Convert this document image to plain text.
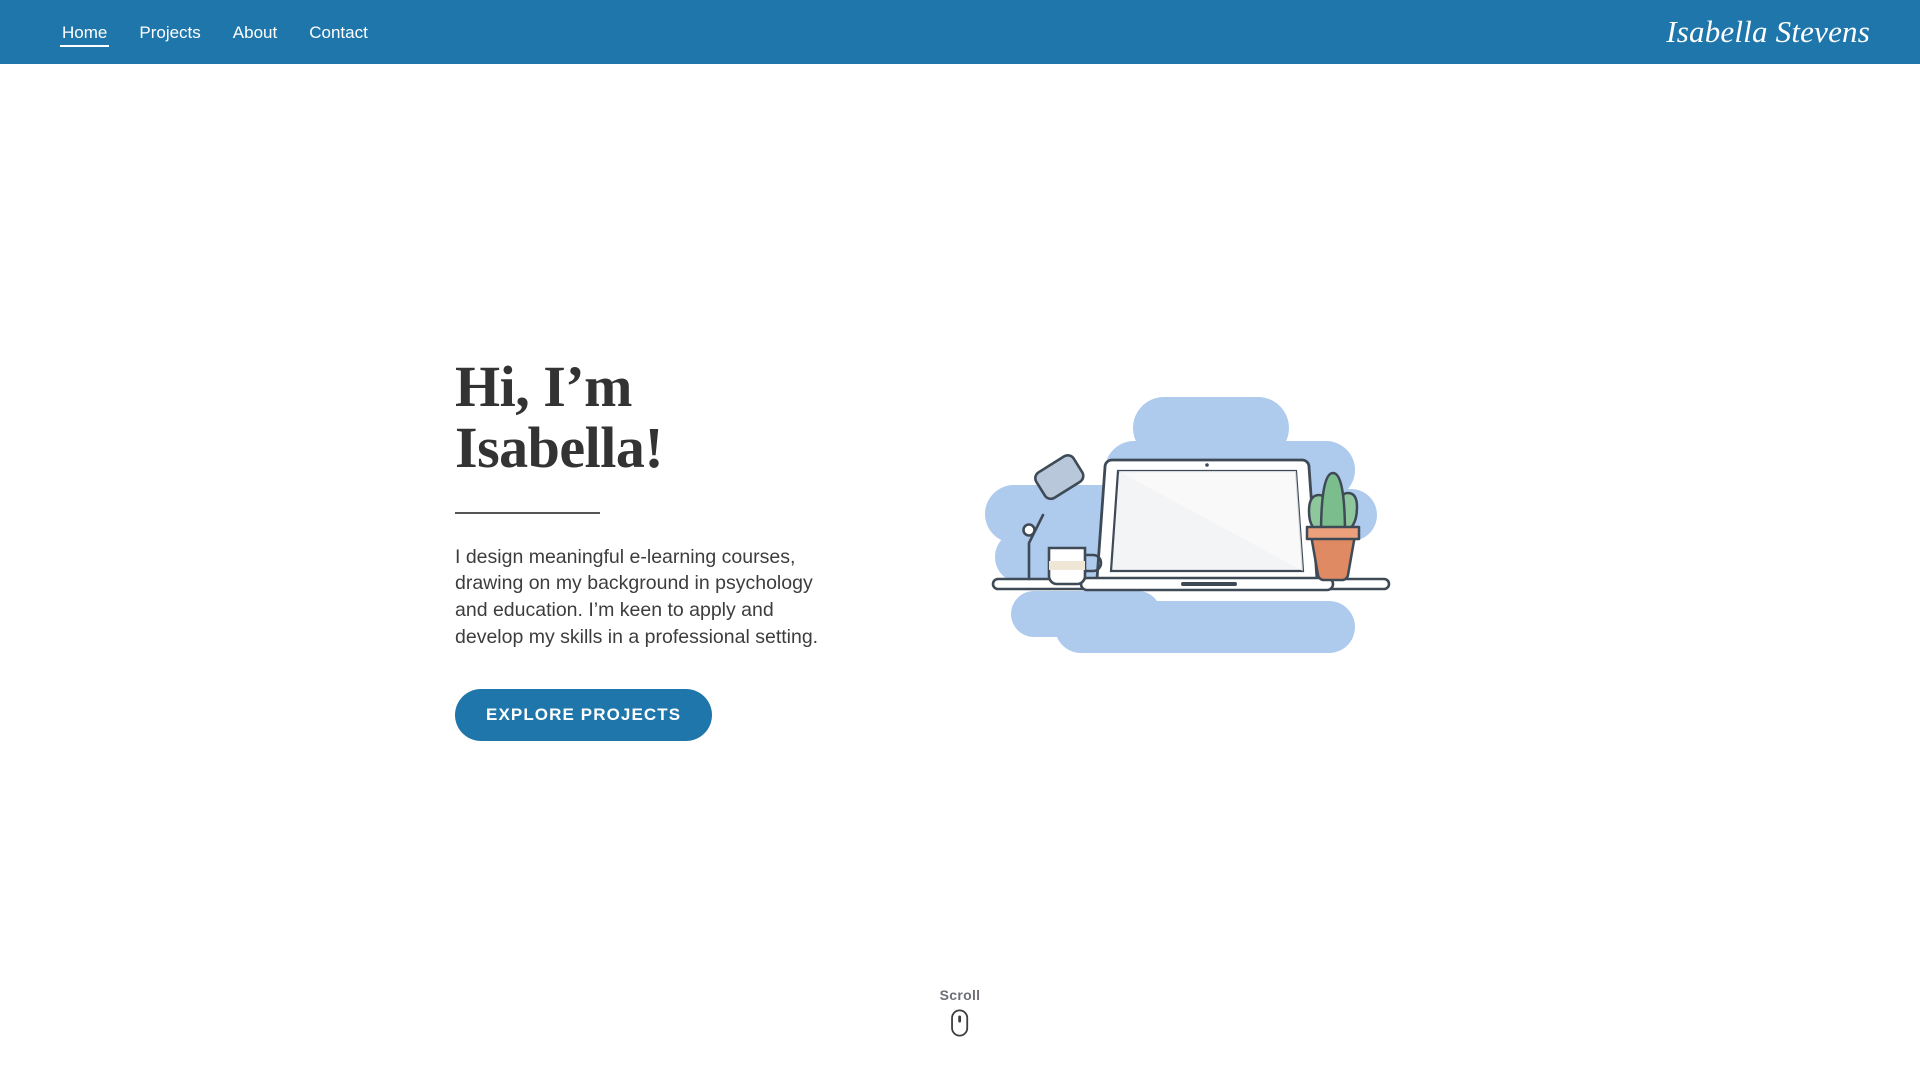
Home Projects About Contact	Isabella Stevens
Hi, I’m
Isabella!

I design meaningful e-learning courses, drawing on my background in psychology and education. I’m keen to apply and develop my skills in a professional setting.

EXPLORE PROJECTS
Scroll
